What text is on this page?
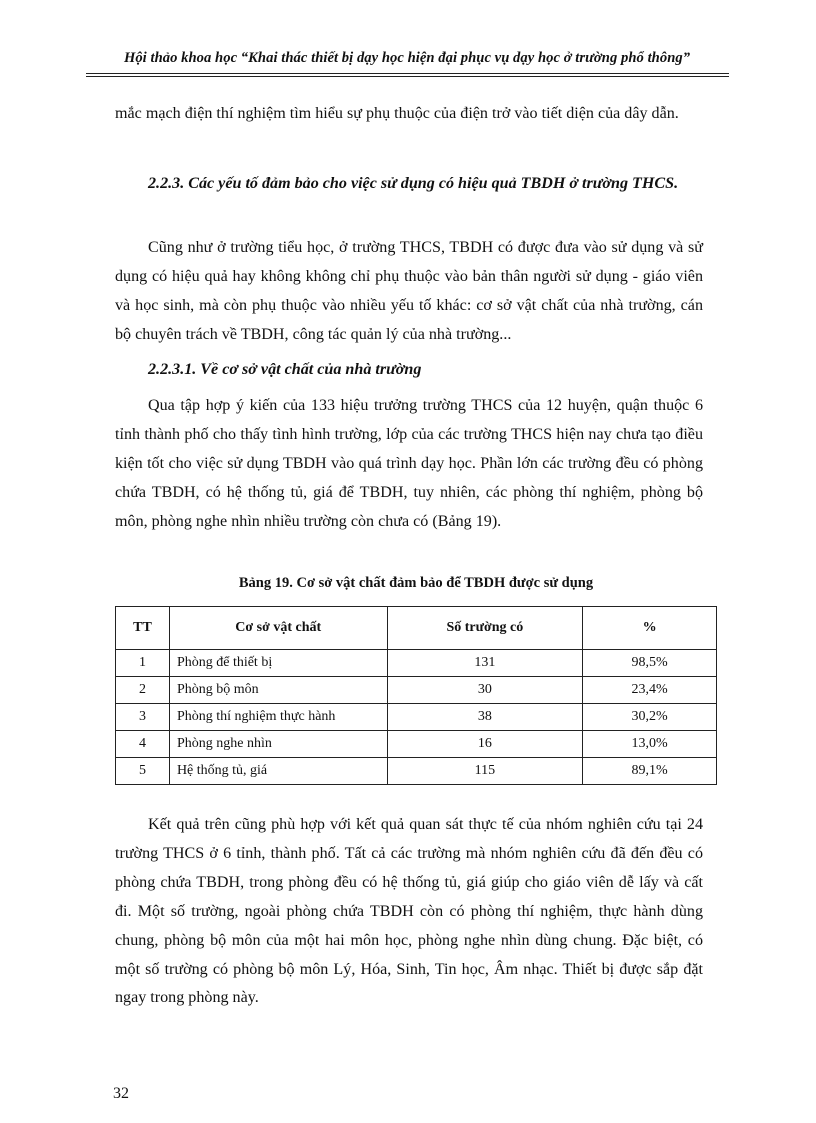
Hội thảo khoa học “Khai thác thiết bị dạy học hiện đại phục vụ dạy học ở trường phổ thông”

mắc mạch điện thí nghiệm tìm hiểu sự phụ thuộc của điện trở vào tiết diện của dây dẫn.

2.2.3. Các yếu tố đảm bảo cho việc sử dụng có hiệu quả TBDH ở trường THCS.

Cũng như ở trường tiểu học, ở trường THCS, TBDH có được đưa vào sử dụng và sử dụng có hiệu quả hay không không chỉ phụ thuộc vào bản thân người sử dụng - giáo viên và học sinh, mà còn phụ thuộc vào nhiều yếu tố khác: cơ sở vật chất của nhà trường, cán bộ chuyên trách về TBDH, công tác quản lý của nhà trường...

2.2.3.1. Về cơ sở vật chất của nhà trường

Qua tập hợp ý kiến của 133 hiệu trưởng trường THCS của 12 huyện, quận thuộc 6 tỉnh thành phố cho thấy tình hình trường, lớp của các trường THCS hiện nay chưa tạo điều kiện tốt cho việc sử dụng TBDH vào quá trình dạy học. Phần lớn các trường đều có phòng chứa TBDH, có hệ thống tủ, giá để TBDH, tuy nhiên, các phòng thí nghiệm, phòng bộ môn, phòng nghe nhìn nhiều trường còn chưa có (Bảng 19).

Bảng 19. Cơ sở vật chất đảm bảo để TBDH được sử dụng
TT	Cơ sở vật chất	Số trường có	%
1	Phòng để thiết bị	131	98,5%
2	Phòng bộ môn	30	23,4%
3	Phòng thí nghiệm thực hành	38	30,2%
4	Phòng nghe nhìn	16	13,0%
5	Hệ thống tủ, giá	115	89,1%

Kết quả trên cũng phù hợp với kết quả quan sát thực tế của nhóm nghiên cứu tại 24 trường THCS ở 6 tỉnh, thành phố. Tất cả các trường mà nhóm nghiên cứu đã đến đều có phòng chứa TBDH, trong phòng đều có hệ thống tủ, giá giúp cho giáo viên dễ lấy và cất đi. Một số trường, ngoài phòng chứa TBDH còn có phòng thí nghiệm, thực hành dùng chung, phòng bộ môn của một hai môn học, phòng nghe nhìn dùng chung. Đặc biệt, có một số trường có phòng bộ môn Lý, Hóa, Sinh, Tin học, Âm nhạc. Thiết bị được sắp đặt ngay trong phòng này.

32
